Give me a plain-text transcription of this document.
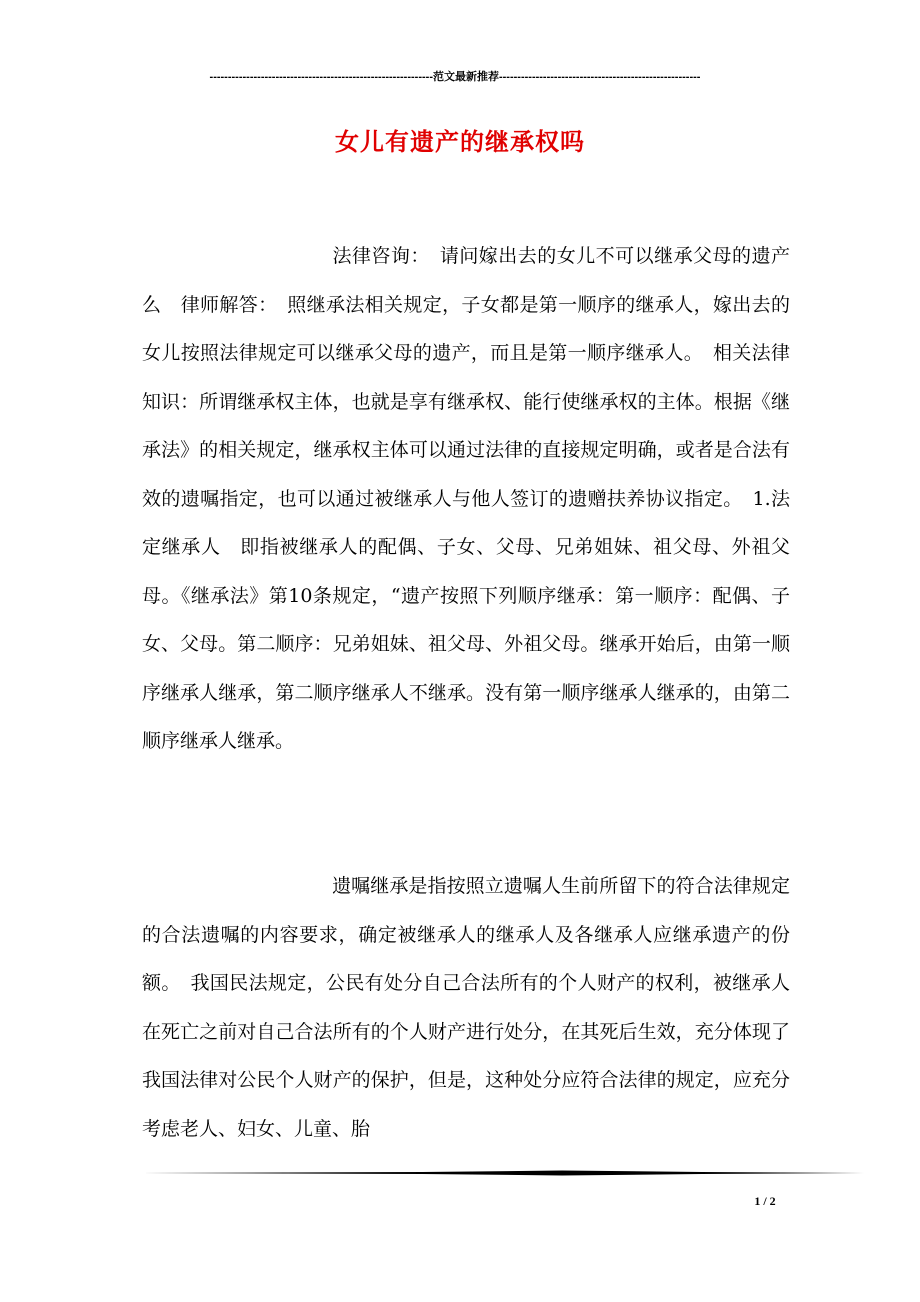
-------------------------------------------------------------范文最新推荐-------------------------------------------------------
女儿有遗产的继承权吗
法律咨询：　请问嫁出去的女儿不可以继承父母的遗产么　律师解答：　照继承法相关规定，子女都是第一顺序的继承人，嫁出去的女儿按照法律规定可以继承父母的遗产，而且是第一顺序继承人。　相关法律知识：所谓继承权主体，也就是享有继承权、能行使继承权的主体。根据《继承法》的相关规定，继承权主体可以通过法律的直接规定明确，或者是合法有效的遗嘱指定，也可以通过被继承人与他人签订的遗赠扶养协议指定。　1.法定继承人　即指被继承人的配偶、子女、父母、兄弟姐妹、祖父母、外祖父母。《继承法》第10条规定，“遗产按照下列顺序继承：第一顺序：配偶、子女、父母。第二顺序：兄弟姐妹、祖父母、外祖父母。继承开始后，由第一顺序继承人继承，第二顺序继承人不继承。没有第一顺序继承人继承的，由第二顺序继承人继承。
遗嘱继承是指按照立遗嘱人生前所留下的符合法律规定的合法遗嘱的内容要求，确定被继承人的继承人及各继承人应继承遗产的份额。　我国民法规定，公民有处分自己合法所有的个人财产的权利，被继承人在死亡之前对自己合法所有的个人财产进行处分，在其死后生效，充分体现了我国法律对公民个人财产的保护，但是，这种处分应符合法律的规定，应充分考虑老人、妇女、儿童、胎
1 / 2
